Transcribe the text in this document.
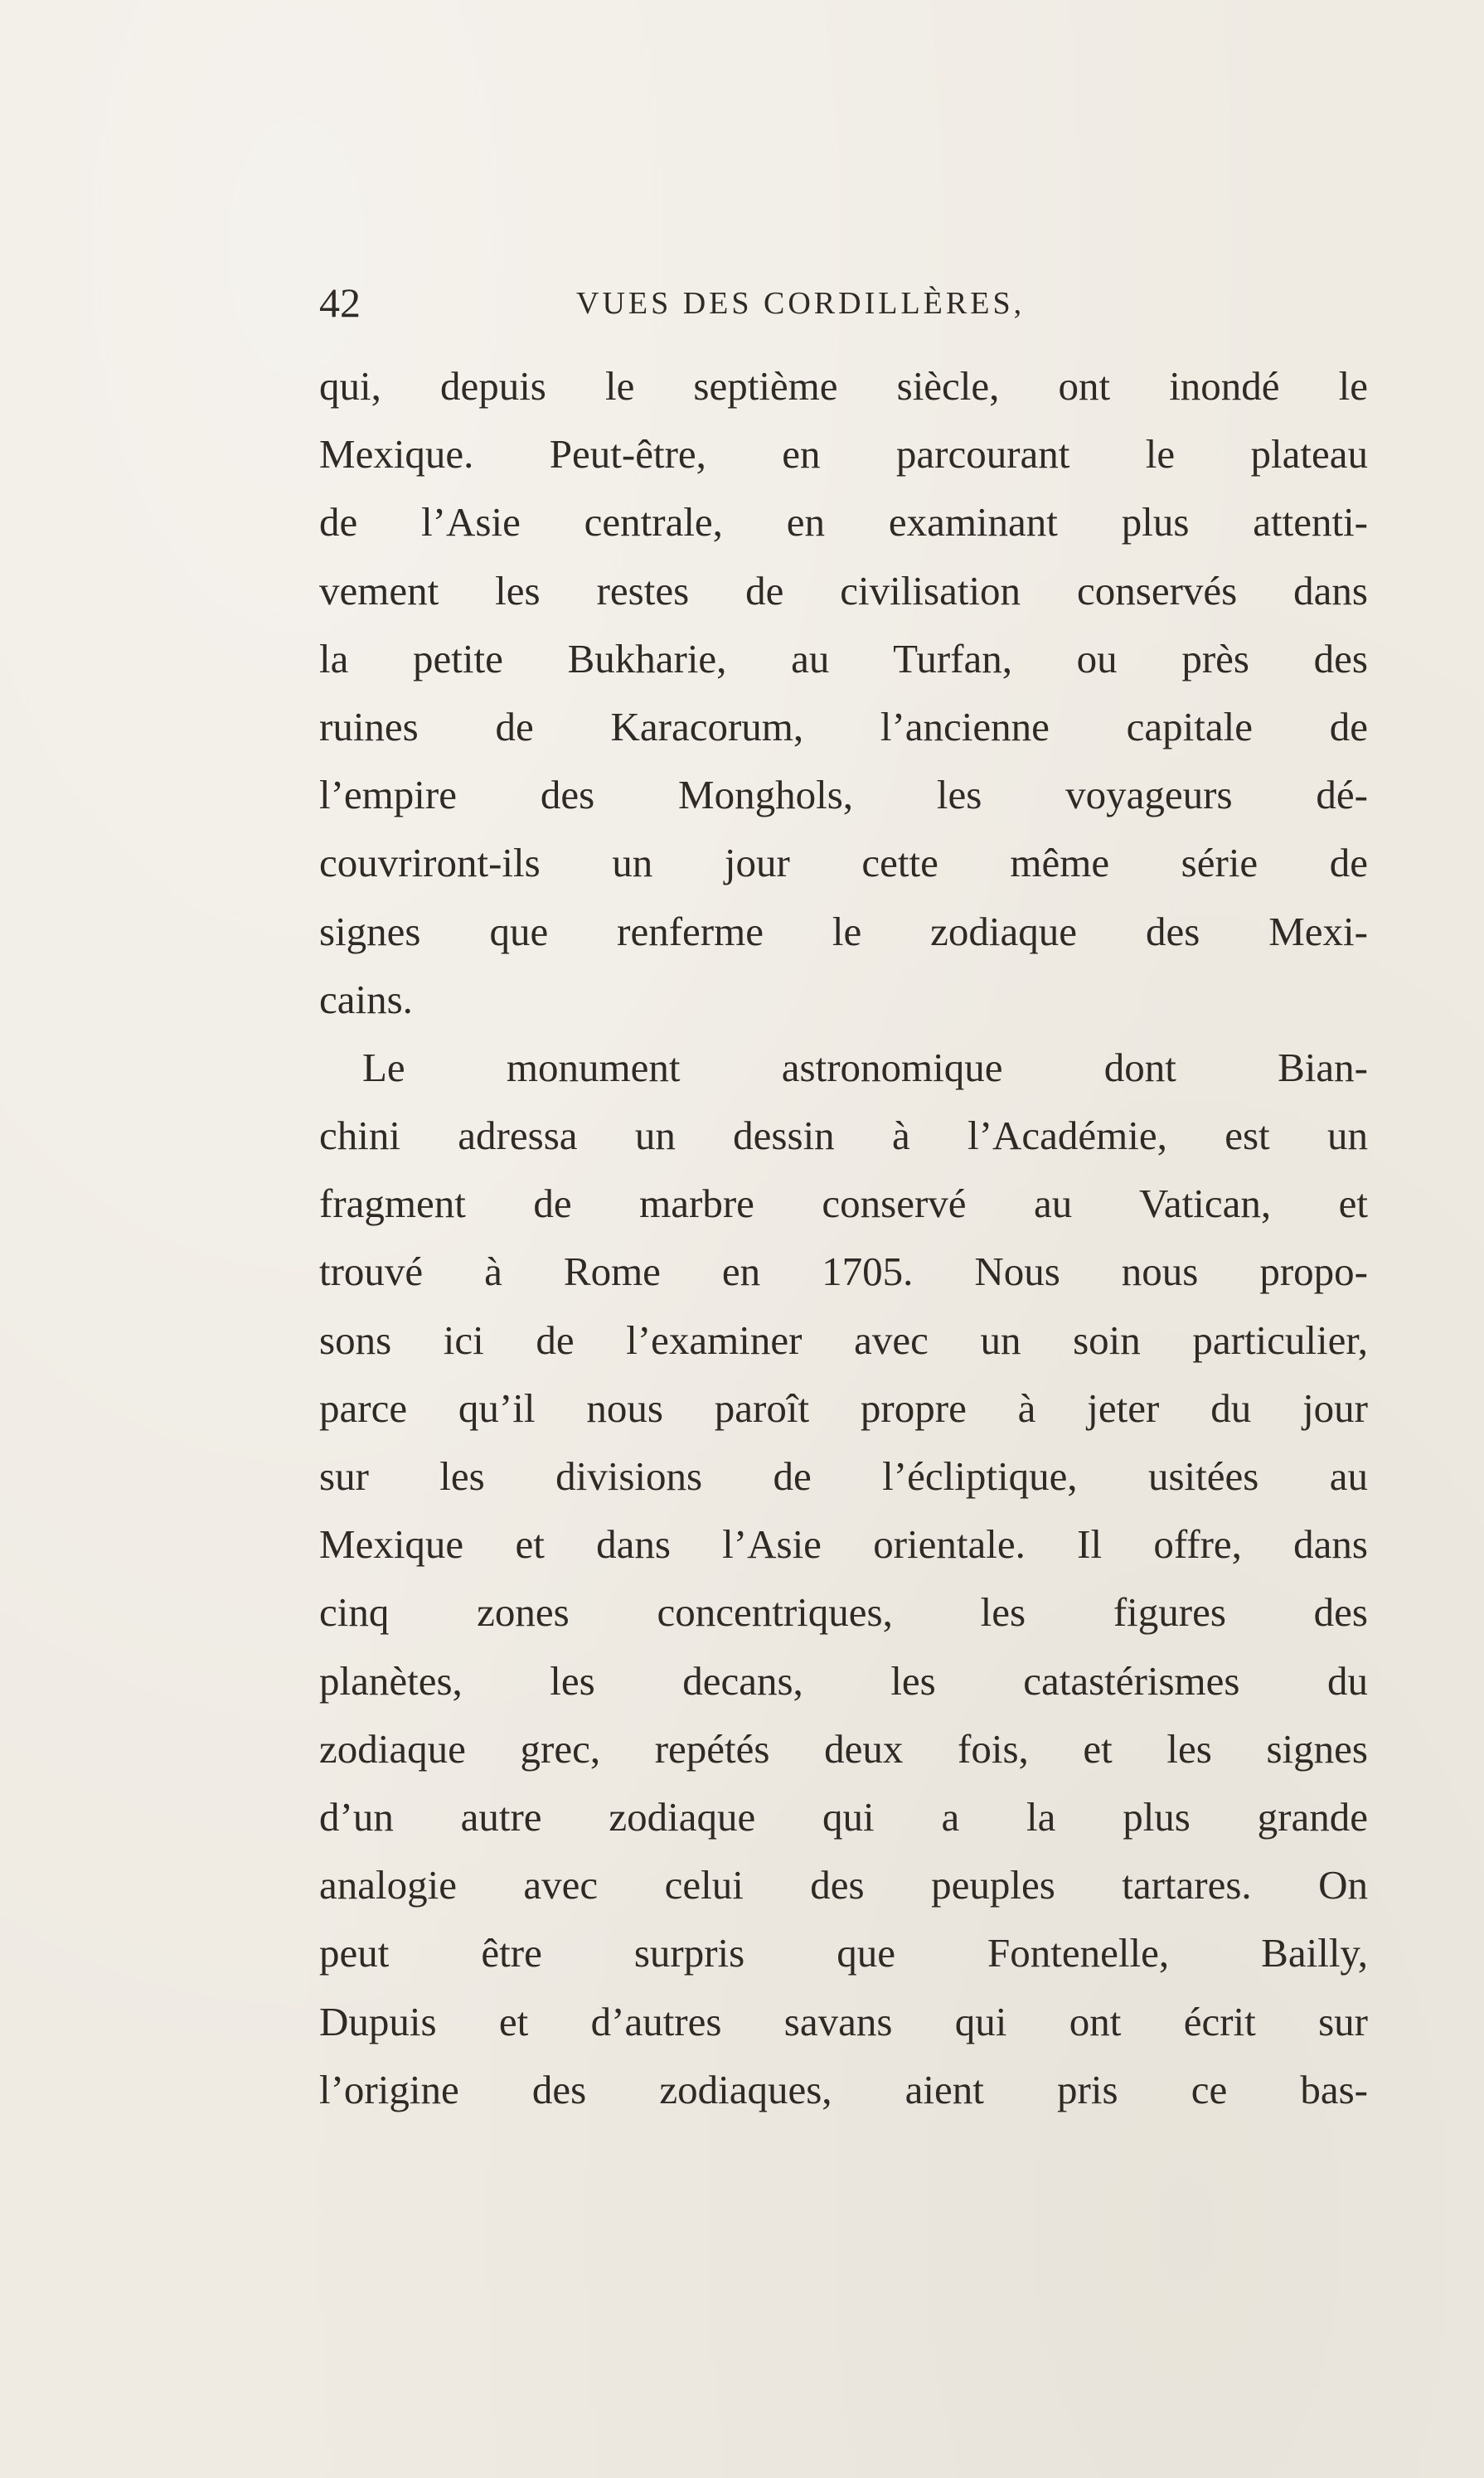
42	VUES DES CORDILLÈRES,
qui, depuis le septième siècle, ont inondé le
Mexique. Peut-être, en parcourant le plateau
de l’Asie centrale, en examinant plus attenti-
vement les restes de civilisation conservés dans
la petite Bukharie, au Turfan, ou près des
ruines de Karacorum, l’ancienne capitale de
l’empire des Monghols, les voyageurs dé-
couvriront-ils un jour cette même série de
signes que renferme le zodiaque des Mexi-
cains.
Le monument astronomique dont Bian-
chini adressa un dessin à l’Académie, est un
fragment de marbre conservé au Vatican, et
trouvé à Rome en 1705. Nous nous propo-
sons ici de l’examiner avec un soin particulier,
parce qu’il nous paroît propre à jeter du jour
sur les divisions de l’écliptique, usitées au
Mexique et dans l’Asie orientale. Il offre, dans
cinq zones concentriques, les figures des
planètes, les decans, les catastérismes du
zodiaque grec, repétés deux fois, et les signes
d’un autre zodiaque qui a la plus grande
analogie avec celui des peuples tartares. On
peut être surpris que Fontenelle, Bailly,
Dupuis et d’autres savans qui ont écrit sur
l’origine des zodiaques, aient pris ce bas-
